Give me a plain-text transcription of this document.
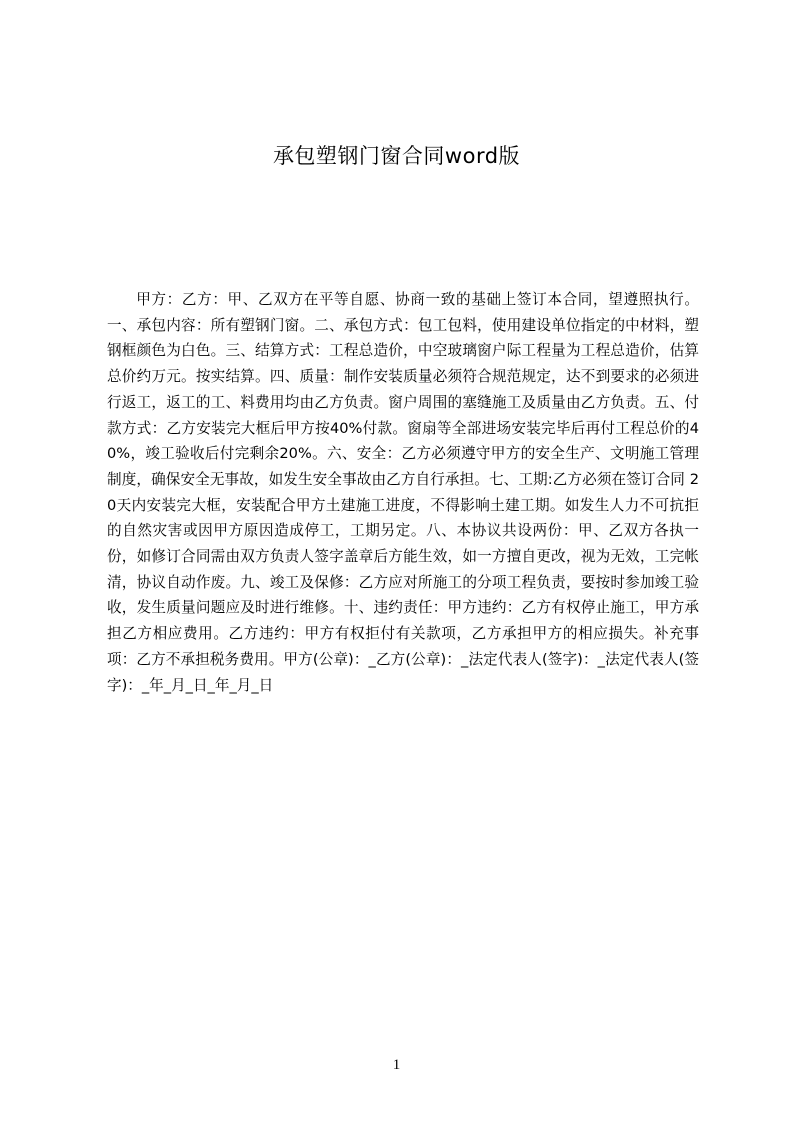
承包塑钢门窗合同word版

甲方：乙方：甲、乙双方在平等自愿、协商一致的基础上签订本合同，望遵照执行。一、承包内容：所有塑钢门窗。二、承包方式：包工包料，使用建设单位指定的中材料，塑钢框颜色为白色。三、结算方式：工程总造价，中空玻璃窗户际工程量为工程总造价，估算总价约万元。按实结算。四、质量：制作安装质量必须符合规范规定，达不到要求的必须进行返工，返工的工、料费用均由乙方负责。窗户周围的塞缝施工及质量由乙方负责。五、付款方式：乙方安装完大框后甲方按40%付款。窗扇等全部进场安装完毕后再付工程总价的40%，竣工验收后付完剩余20%。六、安全：乙方必须遵守甲方的安全生产、文明施工管理制度，确保安全无事故，如发生安全事故由乙方自行承担。七、工期:乙方必须在签订合同 20天内安装完大框，安装配合甲方土建施工进度，不得影响土建工期。如发生人力不可抗拒的自然灾害或因甲方原因造成停工，工期另定。八、本协议共设两份：甲、乙双方各执一份，如修订合同需由双方负责人签字盖章后方能生效，如一方擅自更改，视为无效，工完帐清，协议自动作废。九、竣工及保修：乙方应对所施工的分项工程负责，要按时参加竣工验收，发生质量问题应及时进行维修。十、违约责任：甲方违约：乙方有权停止施工，甲方承担乙方相应费用。乙方违约：甲方有权拒付有关款项，乙方承担甲方的相应损失。补充事项：乙方不承担税务费用。甲方(公章)：_乙方(公章)：_法定代表人(签字)：_法定代表人(签字)：_年_月_日_年_月_日

1
